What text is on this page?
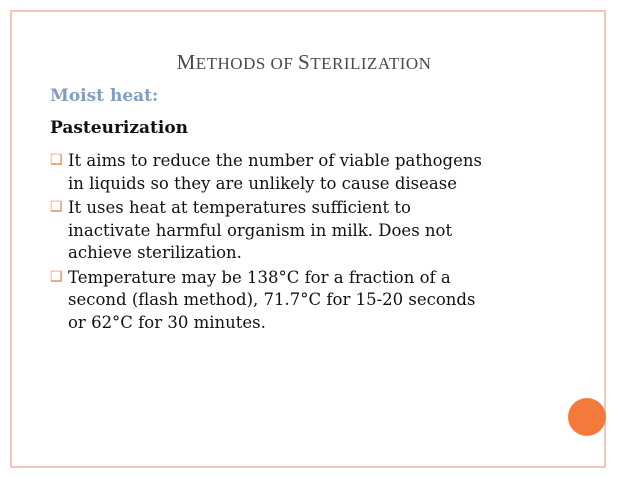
METHODS OF STERILIZATION
Moist heat:
Pasteurization
❑ It aims to reduce the number of viable pathogens
in liquids so they are unlikely to cause disease
❑ It uses heat at temperatures sufficient to
inactivate harmful organism in milk. Does not
achieve sterilization.
❑ Temperature may be 138°C for a fraction of a
second (flash method), 71.7°C for 15-20 seconds
or 62°C for 30 minutes.
